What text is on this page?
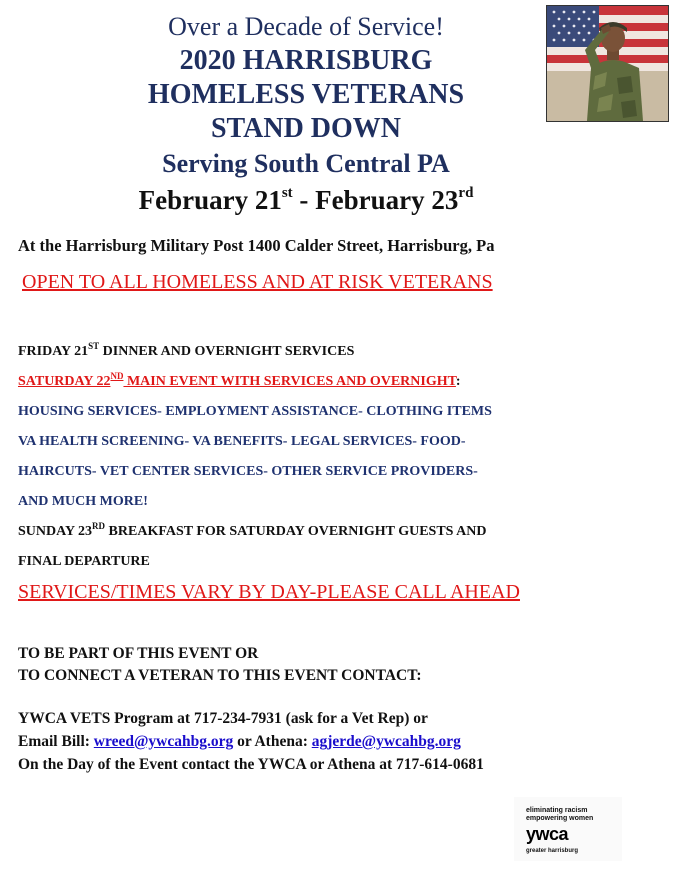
Over a Decade of Service!
2020 HARRISBURG
HOMELESS VETERANS
STAND DOWN
Serving South Central PA
February 21st - February 23rd
At the Harrisburg Military Post 1400 Calder Street, Harrisburg, Pa
OPEN TO ALL HOMELESS AND AT RISK VETERANS
FRIDAY 21ST DINNER AND OVERNIGHT SERVICES
SATURDAY 22ND MAIN EVENT WITH SERVICES AND OVERNIGHT:
HOUSING SERVICES- EMPLOYMENT ASSISTANCE- CLOTHING ITEMS
VA HEALTH SCREENING- VA BENEFITS- LEGAL SERVICES- FOOD-
HAIRCUTS- VET CENTER SERVICES- OTHER SERVICE PROVIDERS-
AND MUCH MORE!
SUNDAY 23RD BREAKFAST FOR SATURDAY OVERNIGHT GUESTS AND
FINAL DEPARTURE
SERVICES/TIMES VARY BY DAY-PLEASE CALL AHEAD
TO BE PART OF THIS EVENT OR
TO CONNECT A VETERAN TO THIS EVENT CONTACT:
YWCA VETS Program at 717-234-7931 (ask for a Vet Rep) or
Email Bill: wreed@ywcahbg.org or Athena: agjerde@ywcahbg.org
On the Day of the Event contact the YWCA or Athena at 717-614-0681
eliminating racism
empowering women
ywca
greater harrisburg
